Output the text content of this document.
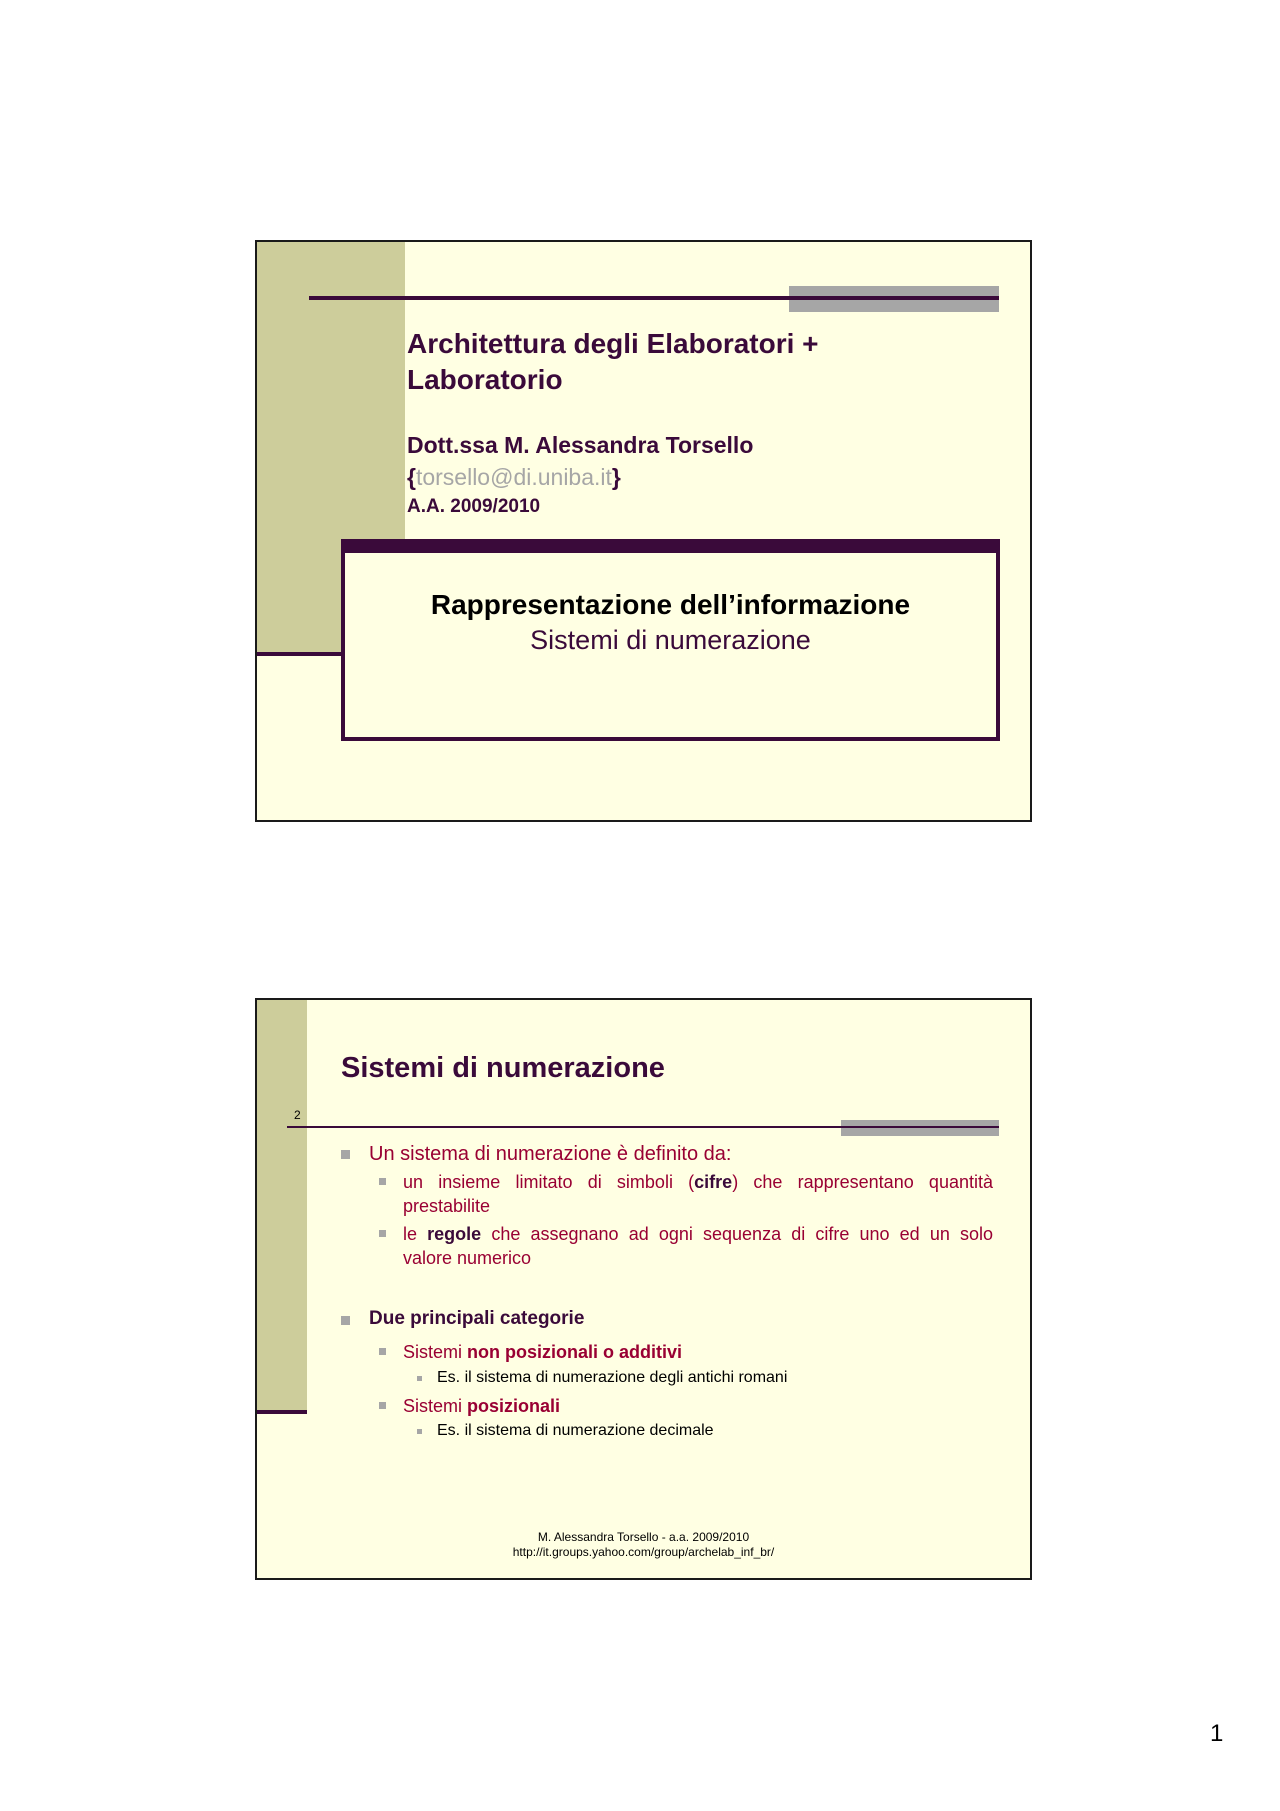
Architettura degli Elaboratori + Laboratorio
Dott.ssa M. Alessandra Torsello
{torsello@di.uniba.it}
A.A. 2009/2010
Rappresentazione dell’informazione
Sistemi di numerazione
Sistemi di numerazione
2
Un sistema di numerazione è definito da:
un insieme limitato di simboli (cifre) che rappresentano quantità
prestabilite
le regole che assegnano ad ogni sequenza di cifre uno ed un solo
valore numerico
Due principali categorie
Sistemi non posizionali o additivi
Es. il sistema di numerazione degli antichi romani
Sistemi posizionali
Es. il sistema di numerazione decimale
M. Alessandra Torsello - a.a. 2009/2010
http://it.groups.yahoo.com/group/archelab_inf_br/
1
